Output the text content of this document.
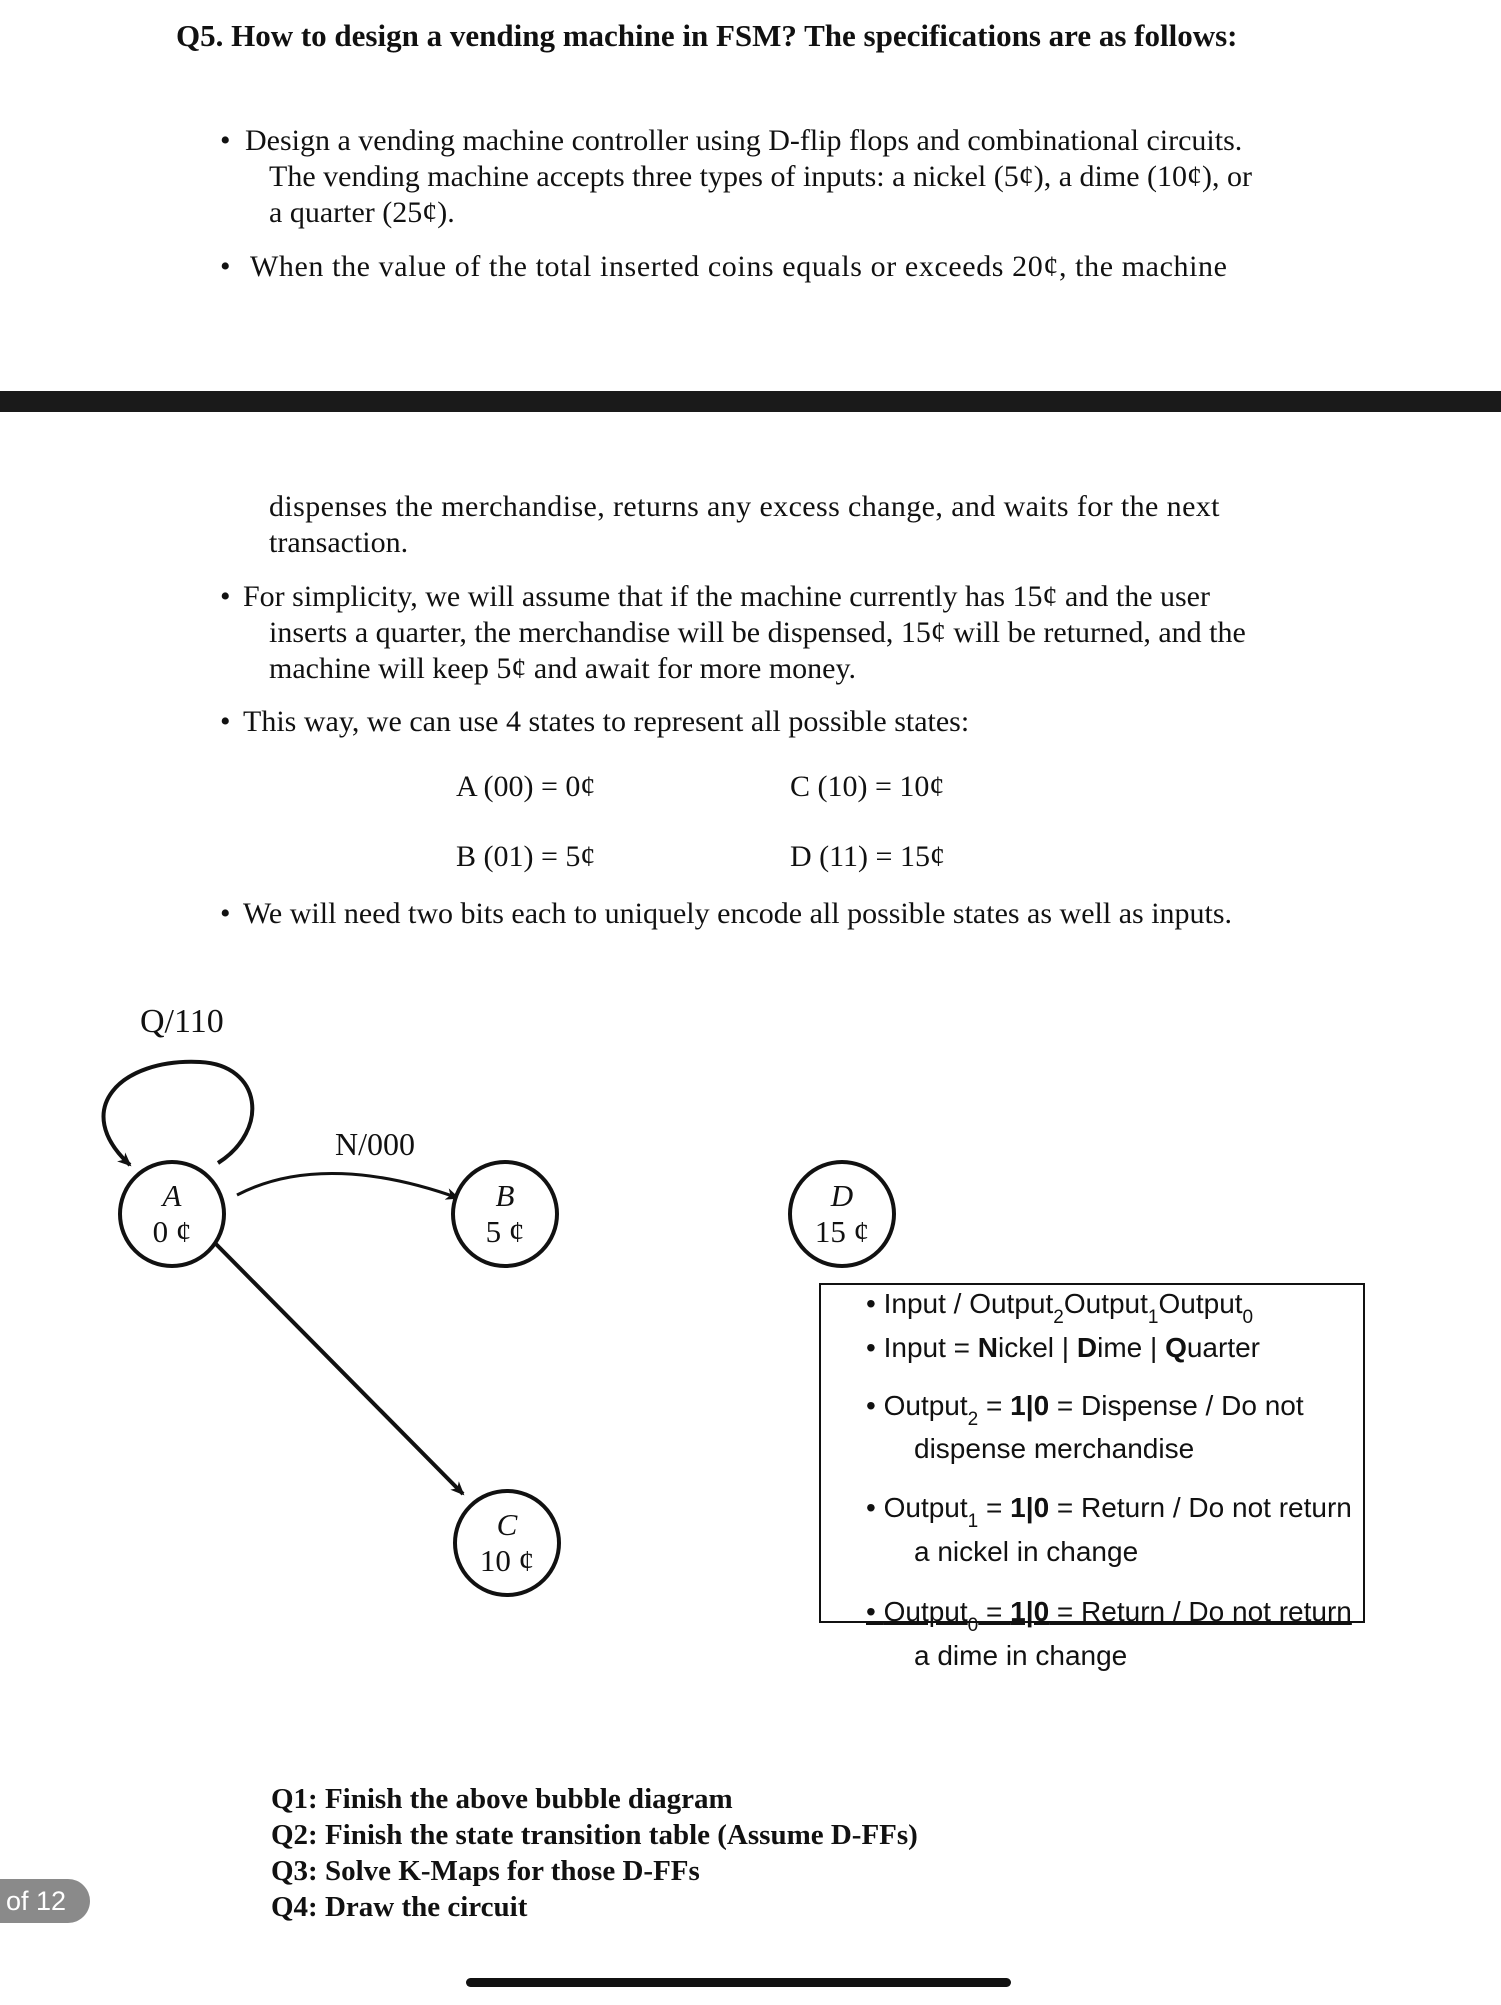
Q5. How to design a vending machine in FSM? The specifications are as follows:
• Design a vending machine controller using D-flip flops and combinational circuits.
The vending machine accepts three types of inputs: a nickel (5¢), a dime (10¢), or
a quarter (25¢).
• When the value of the total inserted coins equals or exceeds 20¢, the machine
dispenses the merchandise, returns any excess change, and waits for the next
transaction.
• For simplicity, we will assume that if the machine currently has 15¢ and the user
inserts a quarter, the merchandise will be dispensed, 15¢ will be returned, and the
machine will keep 5¢ and await for more money.
• This way, we can use 4 states to represent all possible states:
A (00) = 0¢	C (10) = 10¢
B (01) = 5¢	D (11) = 15¢
• We will need two bits each to uniquely encode all possible states as well as inputs.
Q/110
N/000
A
0 ¢
B
5 ¢
C
10 ¢
D
15 ¢
• Input / Output$_2$Output$_1$Output$_0$
• Input = Nickel | Dime | Quarter
• Output$_2$ = 1|0 = Dispense / Do not
dispense merchandise
• Output$_1$ = 1|0 = Return / Do not return
a nickel in change
• Output$_0$ = 1|0 = Return / Do not return
a dime in change
Q1: Finish the above bubble diagram
Q2: Finish the state transition table (Assume D-FFs)
Q3: Solve K-Maps for those D-FFs
Q4: Draw the circuit
of 12
